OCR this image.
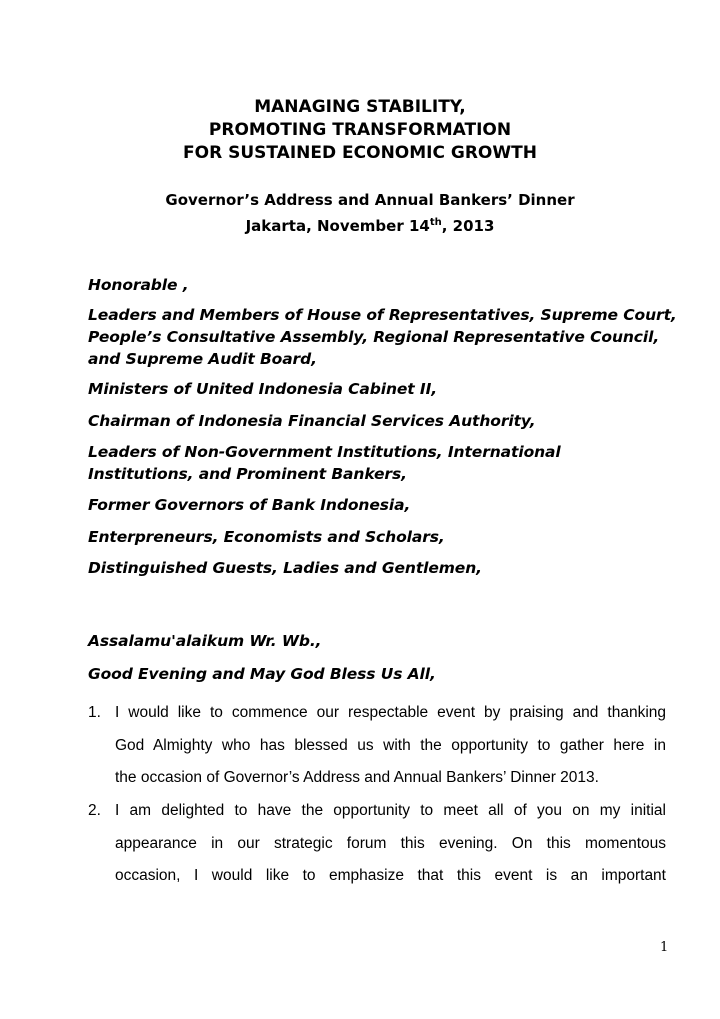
MANAGING STABILITY,
PROMOTING TRANSFORMATION
FOR SUSTAINED ECONOMIC GROWTH
Governor’s Address and Annual Bankers’ Dinner
Jakarta, November 14th, 2013
Honorable ,
Leaders and Members of House of Representatives, Supreme Court,
People’s Consultative Assembly, Regional Representative Council,
and Supreme Audit Board,
Ministers of United Indonesia Cabinet II,
Chairman of Indonesia Financial Services Authority,
Leaders of Non-Government Institutions, International
Institutions, and Prominent Bankers,
Former Governors of Bank Indonesia,
Enterpreneurs, Economists and Scholars,
Distinguished Guests, Ladies and Gentlemen,
Assalamu'alaikum Wr. Wb.,
Good Evening and May God Bless Us All,
1. I would like to commence our respectable event by praising and thanking
God Almighty who has blessed us with the opportunity to gather here in
the occasion of Governor’s Address and Annual Bankers’ Dinner 2013.
2. I am delighted to have the opportunity to meet all of you on my initial
appearance in our strategic forum this evening. On this momentous
occasion, I would like to emphasize that this event is an important
1
